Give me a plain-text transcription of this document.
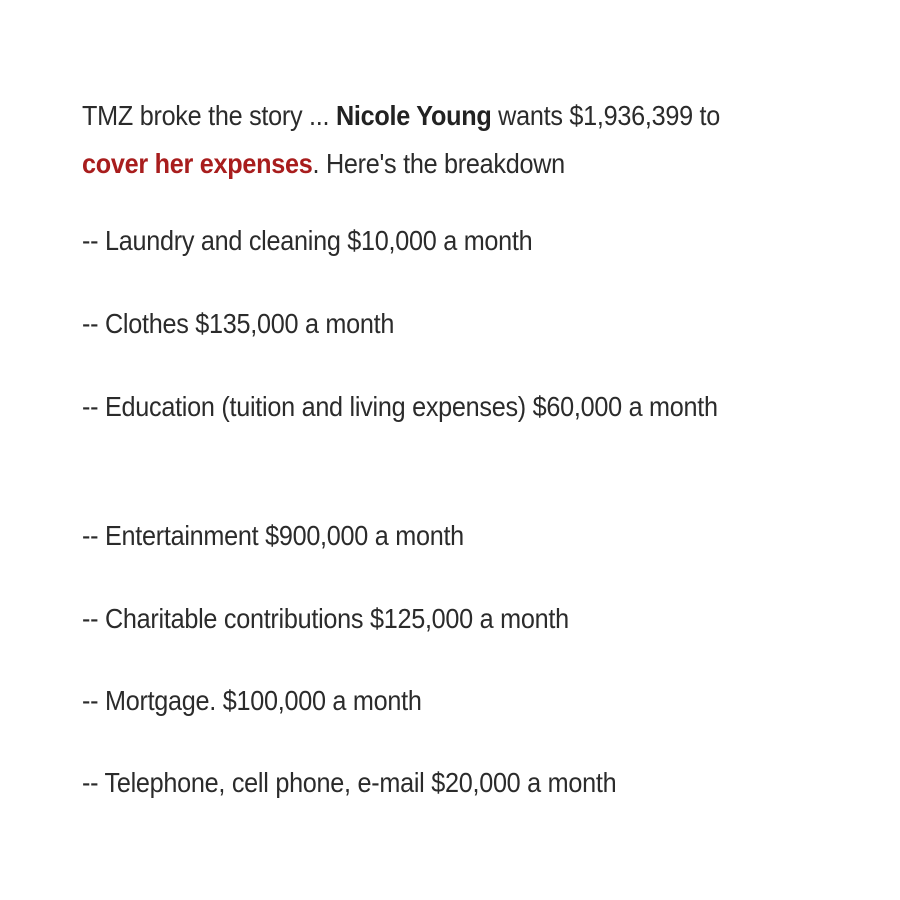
TMZ broke the story ... Nicole Young wants $1,936,399 to
cover her expenses. Here's the breakdown

-- Laundry and cleaning $10,000 a month

-- Clothes $135,000 a month

-- Education (tuition and living expenses) $60,000 a month

-- Entertainment $900,000 a month

-- Charitable contributions $125,000 a month

-- Mortgage. $100,000 a month

-- Telephone, cell phone, e-mail $20,000 a month
